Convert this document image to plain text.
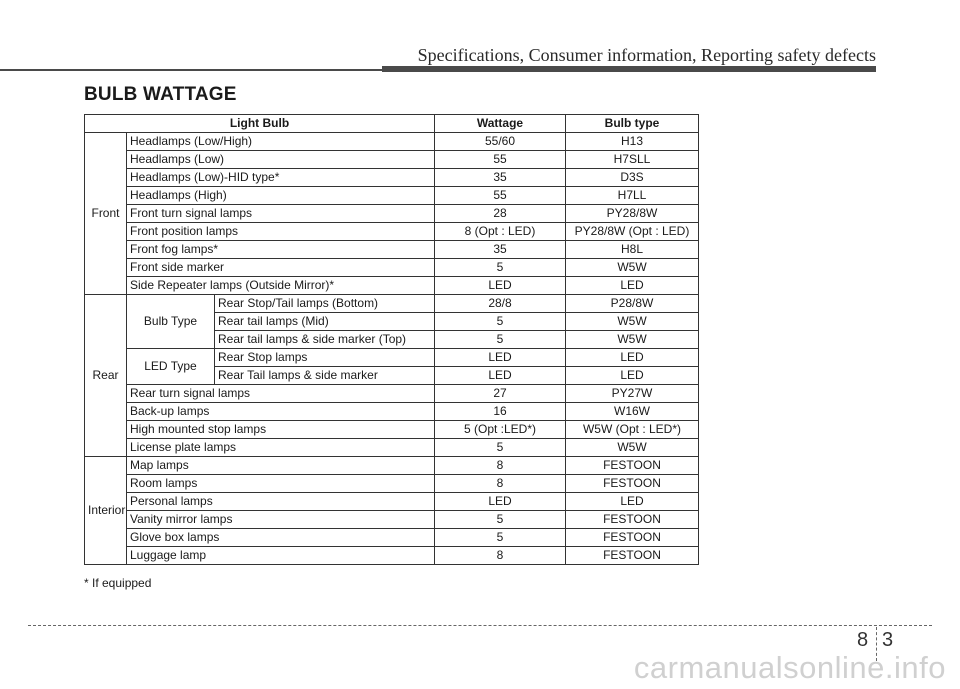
Specifications, Consumer information, Reporting safety defects
BULB WATTAGE
Light Bulb			Wattage	Bulb type
Front	Headlamps (Low/High)		55/60	H13
	Headlamps (Low)		55	H7SLL
	Headlamps (Low)-HID type*		35	D3S
	Headlamps (High)		55	H7LL
	Front turn signal lamps		28	PY28/8W
	Front position lamps		8 (Opt : LED)	PY28/8W (Opt : LED)
	Front fog lamps*		35	H8L
	Front side marker		5	W5W
	Side Repeater lamps (Outside Mirror)*		LED	LED
Rear	Bulb Type	Rear Stop/Tail lamps (Bottom)	28/8	P28/8W
		Rear tail lamps (Mid)	5	W5W
		Rear tail lamps & side marker (Top)	5	W5W
	LED Type	Rear Stop lamps	LED	LED
		Rear Tail lamps & side marker	LED	LED
	Rear turn signal lamps		27	PY27W
	Back-up lamps		16	W16W
	High mounted stop lamps		5 (Opt :LED*)	W5W (Opt : LED*)
	License plate lamps		5	W5W
Interior	Map lamps		8	FESTOON
	Room lamps		8	FESTOON
	Personal lamps		LED	LED
	Vanity mirror lamps		5	FESTOON
	Glove box lamps		5	FESTOON
	Luggage lamp		8	FESTOON
* If equipped
8 3
carmanualsonline.info
